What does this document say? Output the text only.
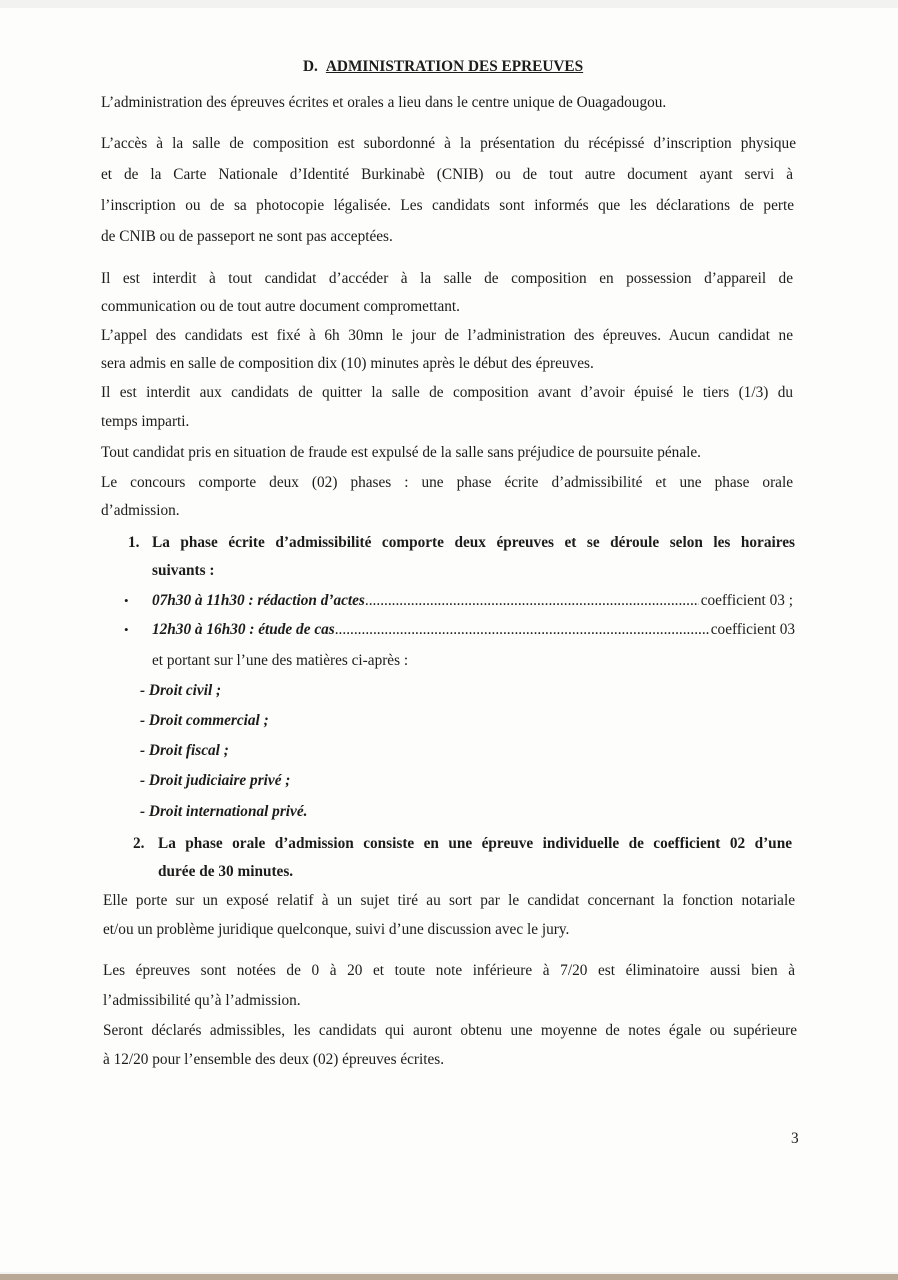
D. ADMINISTRATION DES EPREUVES

L’administration des épreuves écrites et orales a lieu dans le centre unique de Ouagadougou.

L’accès à la salle de composition est subordonné à la présentation du récépissé d’inscription physique

et de la Carte Nationale d’Identité Burkinabè (CNIB) ou de tout autre document ayant servi à

l’inscription ou de sa photocopie légalisée. Les candidats sont informés que les déclarations de perte

de CNIB ou de passeport ne sont pas acceptées.

Il est interdit à tout candidat d’accéder à la salle de composition en possession d’appareil de

communication ou de tout autre document compromettant.

L’appel des candidats est fixé à 6h 30mn le jour de l’administration des épreuves. Aucun candidat ne

sera admis en salle de composition dix (10) minutes après le début des épreuves.

Il est interdit aux candidats de quitter la salle de composition avant d’avoir épuisé le tiers (1/3) du

temps imparti.

Tout candidat pris en situation de fraude est expulsé de la salle sans préjudice de poursuite pénale.

Le concours comporte deux (02) phases : une phase écrite d’admissibilité et une phase orale

d’admission.

1. La phase écrite d’admissibilité comporte deux épreuves et se déroule selon les horaires

suivants :

• 07h30 à 11h30 : rédaction d’actes .....	coefficient 03 ;
• 12h30 à 16h30 : étude de cas .....	coefficient 03

et portant sur l’une des matières ci-après :

- Droit civil ;

- Droit commercial ;

- Droit fiscal ;

- Droit judiciaire privé ;

- Droit international privé.

2. La phase orale d’admission consiste en une épreuve individuelle de coefficient 02 d’une

durée de 30 minutes.

Elle porte sur un exposé relatif à un sujet tiré au sort par le candidat concernant la fonction notariale

et/ou un problème juridique quelconque, suivi d’une discussion avec le jury.

Les épreuves sont notées de 0 à 20 et toute note inférieure à 7/20 est éliminatoire aussi bien à

l’admissibilité qu’à l’admission.

Seront déclarés admissibles, les candidats qui auront obtenu une moyenne de notes égale ou supérieure

à 12/20 pour l’ensemble des deux (02) épreuves écrites.

3
